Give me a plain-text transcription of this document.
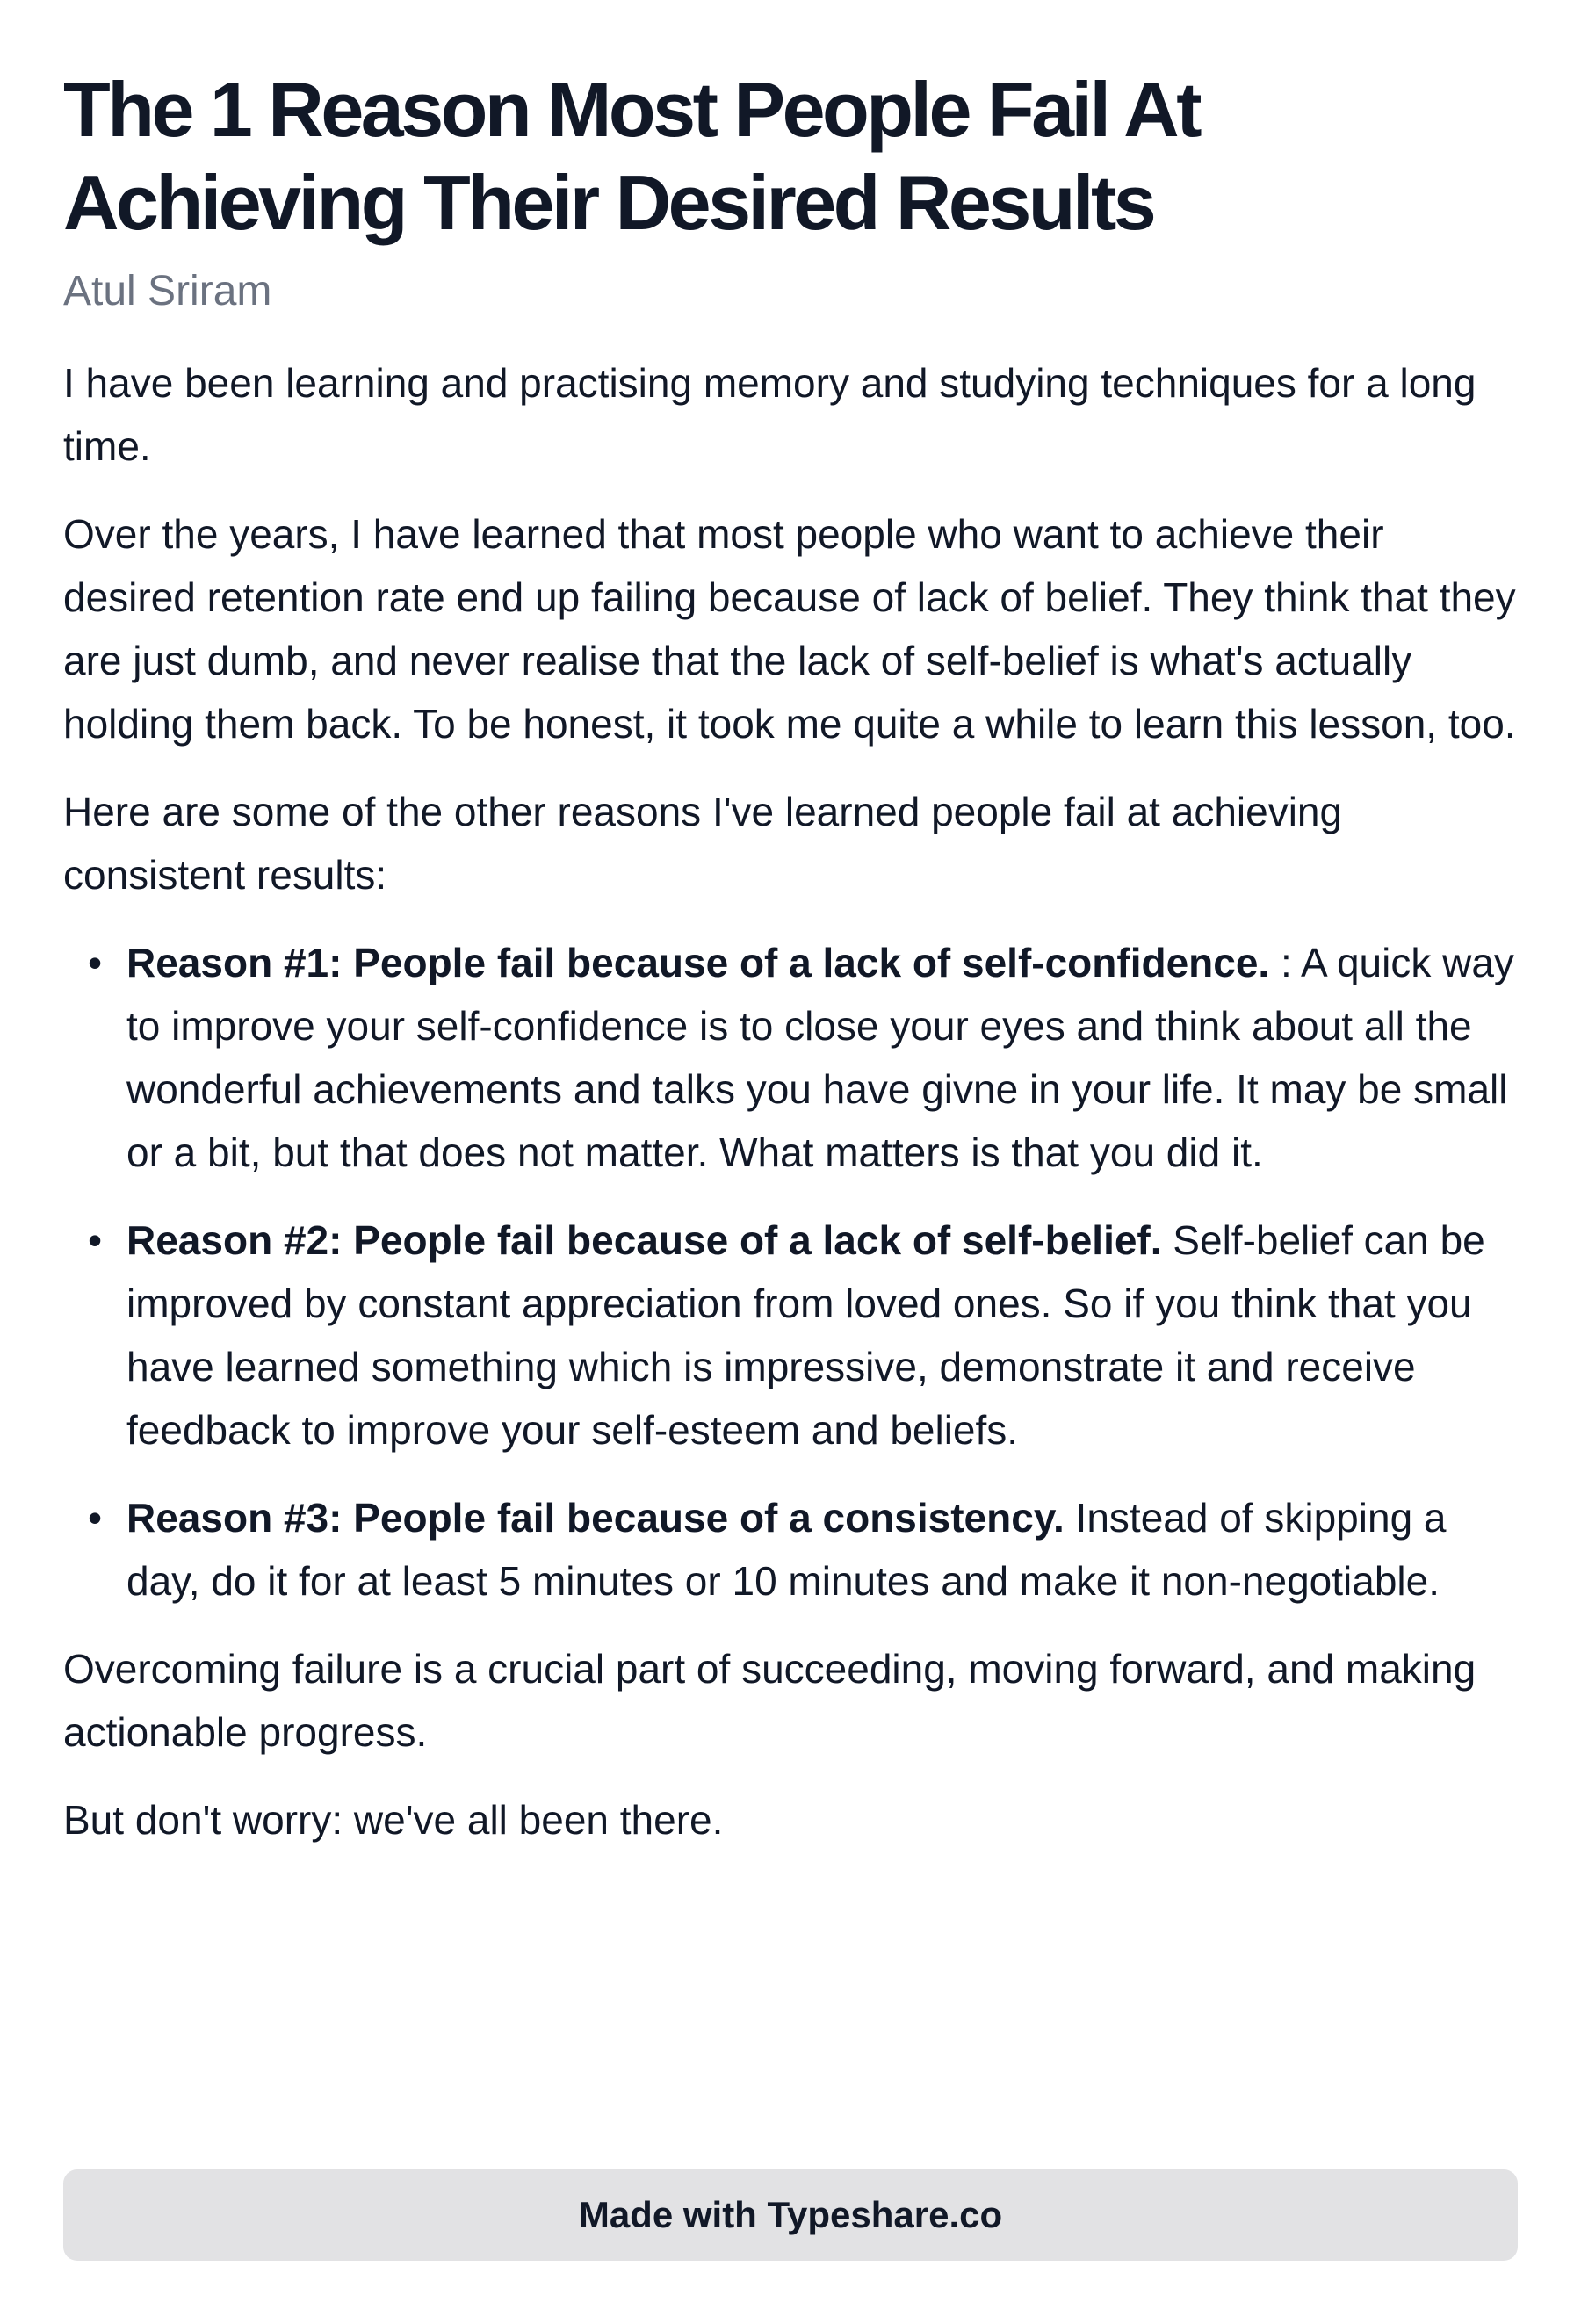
The 1 Reason Most People Fail At Achieving Their Desired Results
Atul Sriram

I have been learning and practising memory and studying techniques for a long time.

Over the years, I have learned that most people who want to achieve their desired retention rate end up failing because of lack of belief. They think that they are just dumb, and never realise that the lack of self-belief is what's actually holding them back. To be honest, it took me quite a while to learn this lesson, too.

Here are some of the other reasons I've learned people fail at achieving consistent results:

• Reason #1: People fail because of a lack of self-confidence. : A quick way to improve your self-confidence is to close your eyes and think about all the wonderful achievements and talks you have givne in your life. It may be small or a bit, but that does not matter. What matters is that you did it.
• Reason #2: People fail because of a lack of self-belief. Self-belief can be improved by constant appreciation from loved ones. So if you think that you have learned something which is impressive, demonstrate it and receive feedback to improve your self-esteem and beliefs.
• Reason #3: People fail because of a consistency. Instead of skipping a day, do it for at least 5 minutes or 10 minutes and make it non-negotiable.

Overcoming failure is a crucial part of succeeding, moving forward, and making actionable progress.

But don't worry: we've all been there.

Made with Typeshare.co
